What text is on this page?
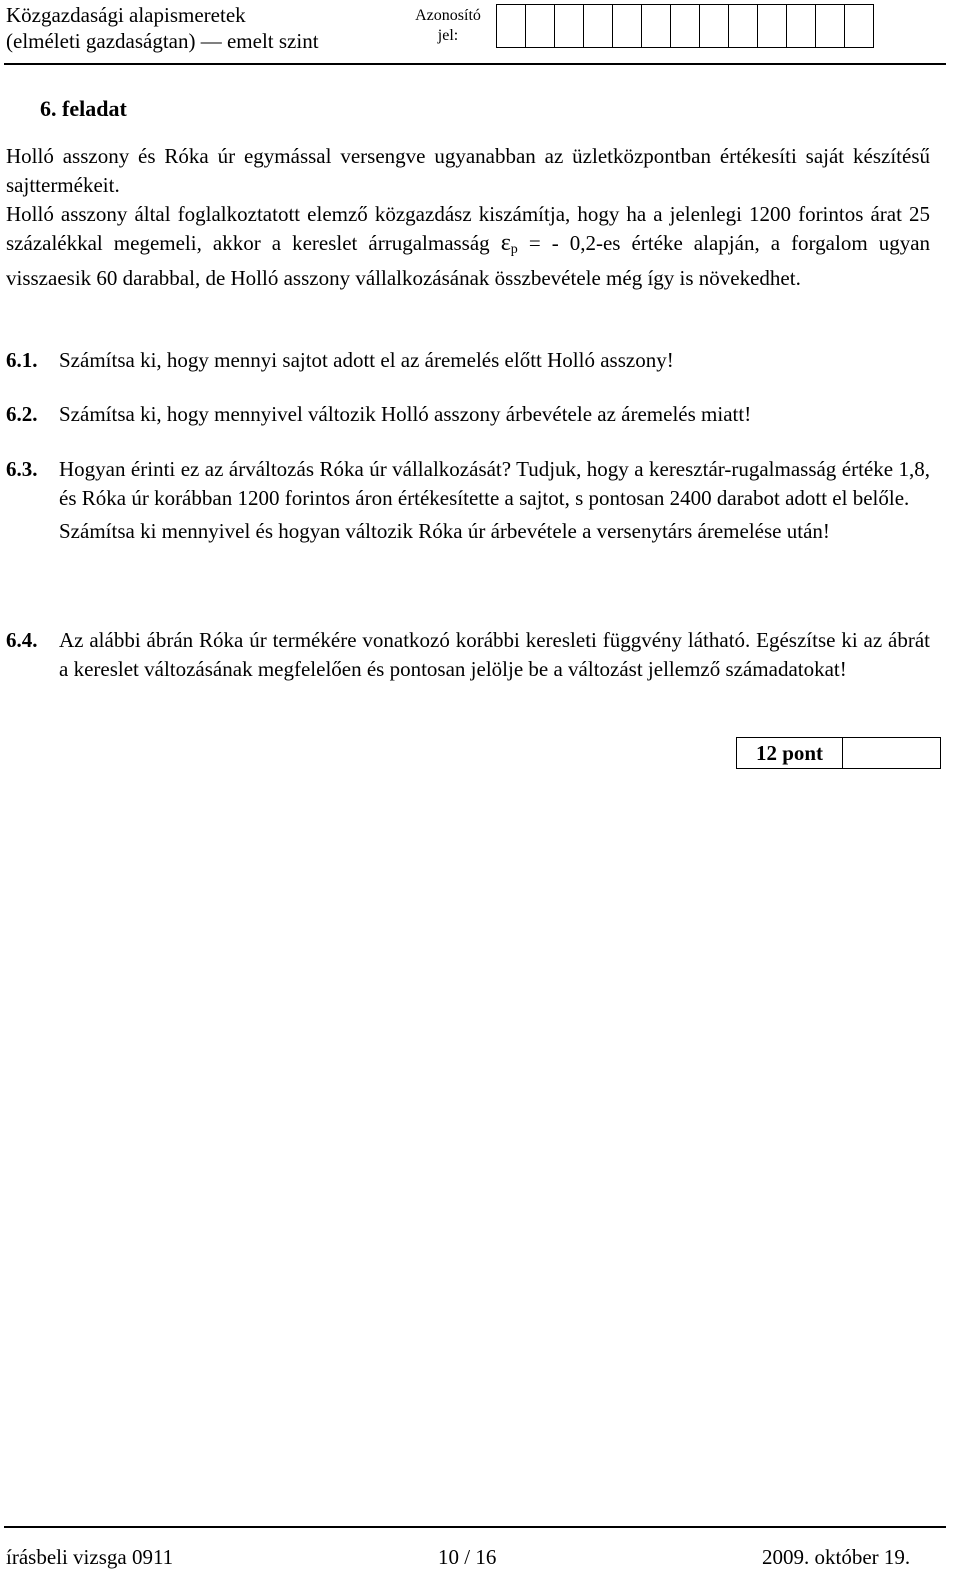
Közgazdasági alapismeretek
(elméleti gazdaságtan) — emelt szint
Azonosító
jel:
6. feladat
Holló asszony és Róka úr egymással versengve ugyanabban az üzletközpontban értékesíti saját készítésű sajttermékeit.
Holló asszony által foglalkoztatott elemző közgazdász kiszámítja, hogy ha a jelenlegi 1200 forintos árat 25 százalékkal megemeli, akkor a kereslet árrugalmasság $\varepsilon_p$ = - 0,2-es értéke alapján, a forgalom ugyan visszaesik 60 darabbal, de Holló asszony vállalkozásának összbevétele még így is növekedhet.
6.1.	Számítsa ki, hogy mennyi sajtot adott el az áremelés előtt Holló asszony!
6.2.	Számítsa ki, hogy mennyivel változik Holló asszony árbevétele az áremelés miatt!
6.3.	Hogyan érinti ez az árváltozás Róka úr vállalkozását? Tudjuk, hogy a keresztár-rugalmasság értéke 1,8, és Róka úr korábban 1200 forintos áron értékesítette a sajtot, s pontosan 2400 darabot adott el belőle.
Számítsa ki mennyivel és hogyan változik Róka úr árbevétele a versenytárs áremelése után!
6.4.	Az alábbi ábrán Róka úr termékére vonatkozó korábbi keresleti függvény látható. Egészítse ki az ábrát a kereslet változásának megfelelően és pontosan jelölje be a változást jellemző számadatokat!
12 pont
írásbeli vizsga 0911	10 / 16	2009. október 19.
